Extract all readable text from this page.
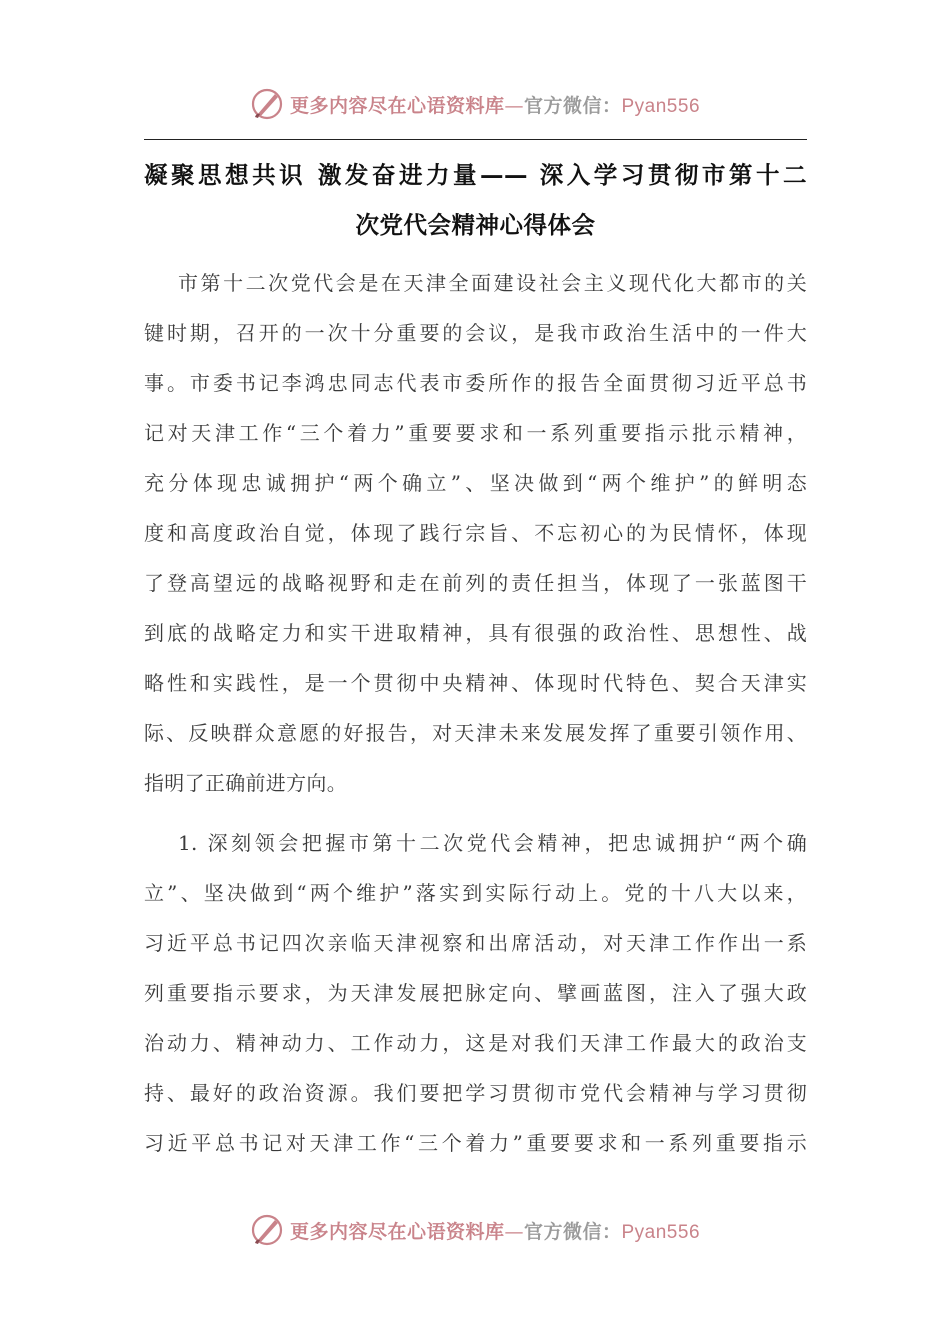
更多内容尽在心语资料库—官方微信：Pyan556
凝聚思想共识 激发奋进力量—— 深入学习贯彻市第十二
次党代会精神心得体会
市第十二次党代会是在天津全面建设社会主义现代化大都市的关
键时期，召开的一次十分重要的会议，是我市政治生活中的一件大
事。市委书记李鸿忠同志代表市委所作的报告全面贯彻习近平总书
记对天津工作“三个着力”重要要求和一系列重要指示批示精神，
充分体现忠诚拥护“两个确立”、坚决做到“两个维护”的鲜明态
度和高度政治自觉，体现了践行宗旨、不忘初心的为民情怀，体现
了登高望远的战略视野和走在前列的责任担当，体现了一张蓝图干
到底的战略定力和实干进取精神，具有很强的政治性、思想性、战
略性和实践性，是一个贯彻中央精神、体现时代特色、契合天津实
际、反映群众意愿的好报告，对天津未来发展发挥了重要引领作用、
指明了正确前进方向。
1. 深刻领会把握市第十二次党代会精神，把忠诚拥护“两个确
立”、坚决做到“两个维护”落实到实际行动上。党的十八大以来，
习近平总书记四次亲临天津视察和出席活动，对天津工作作出一系
列重要指示要求，为天津发展把脉定向、擘画蓝图，注入了强大政
治动力、精神动力、工作动力，这是对我们天津工作最大的政治支
持、最好的政治资源。我们要把学习贯彻市党代会精神与学习贯彻
习近平总书记对天津工作“三个着力”重要要求和一系列重要指示
更多内容尽在心语资料库—官方微信：Pyan556
